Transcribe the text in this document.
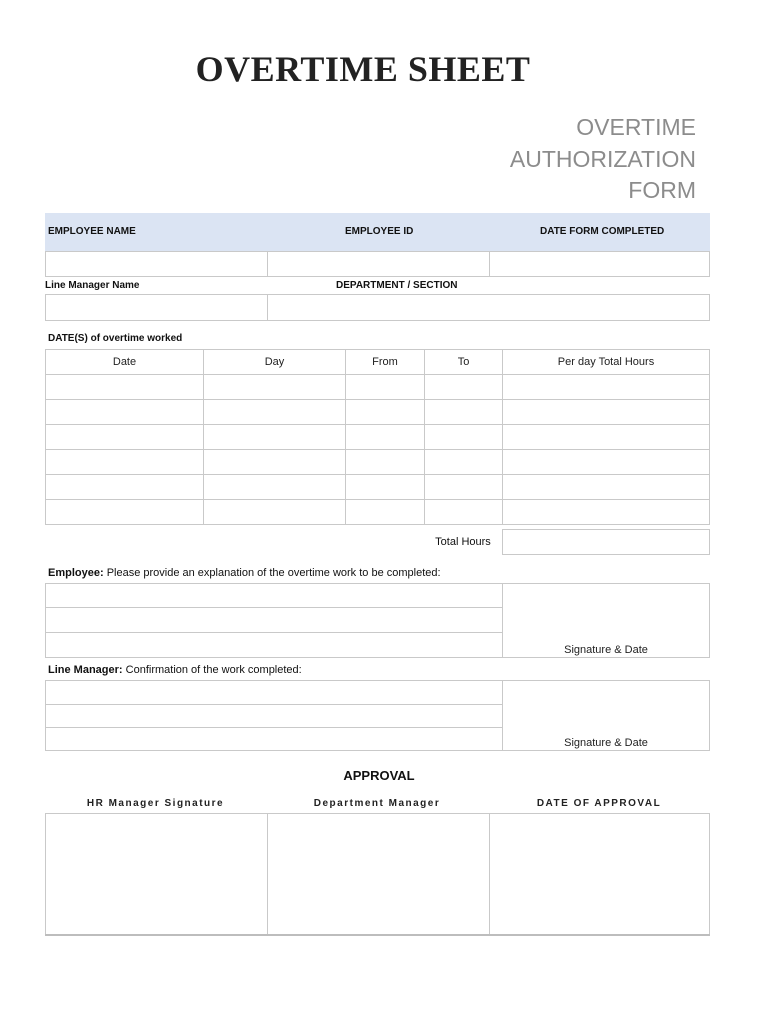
OVERTIME SHEET
OVERTIME
AUTHORIZATION
FORM
EMPLOYEE NAME	EMPLOYEE ID	DATE FORM COMPLETED

Line Manager Name	DEPARTMENT / SECTION

DATE(S) of overtime worked
Date	Day	From	To	Per day Total Hours

Total Hours	
Employee: Please provide an explanation of the overtime work to be completed:

Signature & Date

Line Manager: Confirmation of the work completed:

Signature & Date

APPROVAL
HR Manager Signature	Department Manager	DATE OF APPROVAL
